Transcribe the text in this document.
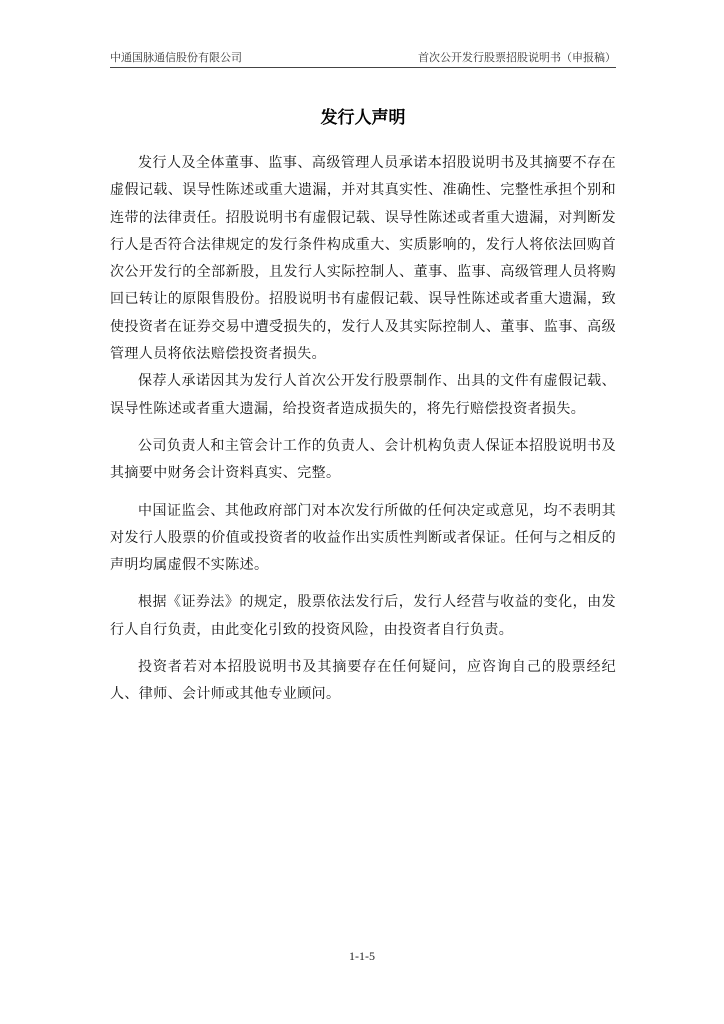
中通国脉通信股份有限公司	首次公开发行股票招股说明书（申报稿）
发行人声明

发行人及全体董事、监事、高级管理人员承诺本招股说明书及其摘要不存在虚假记载、误导性陈述或重大遗漏，并对其真实性、准确性、完整性承担个别和连带的法律责任。招股说明书有虚假记载、误导性陈述或者重大遗漏，对判断发行人是否符合法律规定的发行条件构成重大、实质影响的，发行人将依法回购首次公开发行的全部新股，且发行人实际控制人、董事、监事、高级管理人员将购回已转让的原限售股份。招股说明书有虚假记载、误导性陈述或者重大遗漏，致使投资者在证券交易中遭受损失的，发行人及其实际控制人、董事、监事、高级管理人员将依法赔偿投资者损失。

保荐人承诺因其为发行人首次公开发行股票制作、出具的文件有虚假记载、误导性陈述或者重大遗漏，给投资者造成损失的，将先行赔偿投资者损失。

公司负责人和主管会计工作的负责人、会计机构负责人保证本招股说明书及其摘要中财务会计资料真实、完整。

中国证监会、其他政府部门对本次发行所做的任何决定或意见，均不表明其对发行人股票的价值或投资者的收益作出实质性判断或者保证。任何与之相反的声明均属虚假不实陈述。

根据《证券法》的规定，股票依法发行后，发行人经营与收益的变化，由发行人自行负责，由此变化引致的投资风险，由投资者自行负责。

投资者若对本招股说明书及其摘要存在任何疑问，应咨询自己的股票经纪人、律师、会计师或其他专业顾问。

1-1-5
